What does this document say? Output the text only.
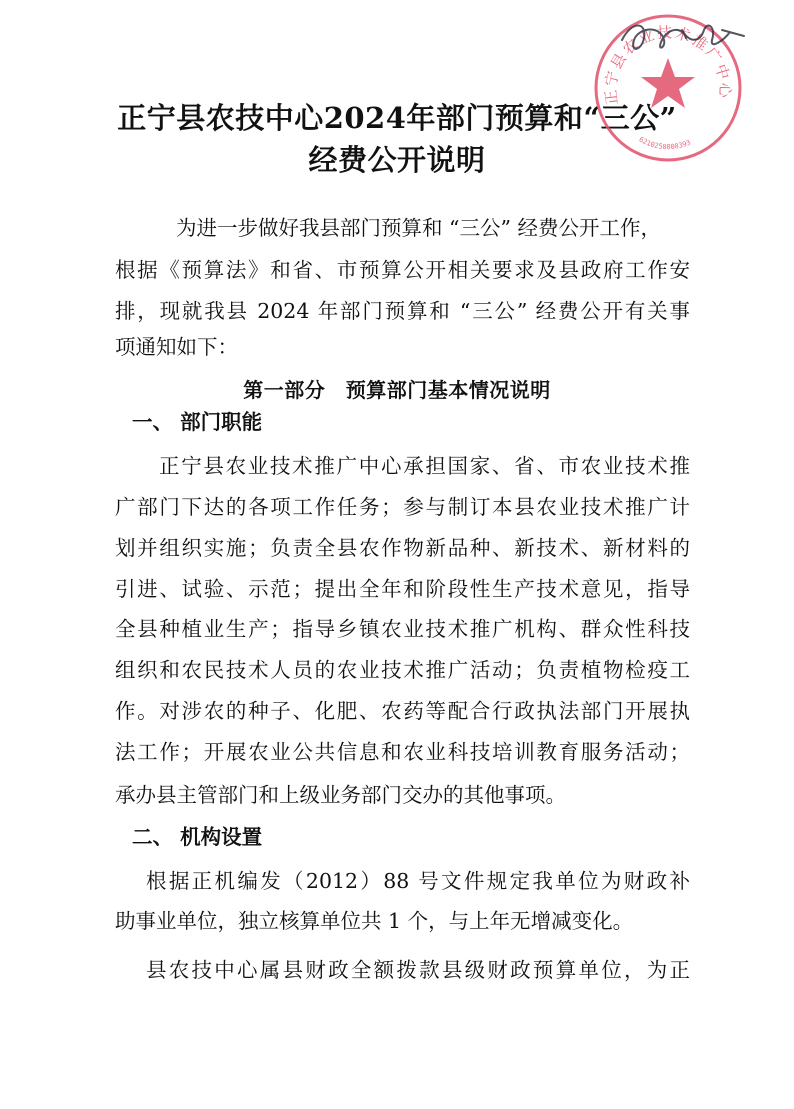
正宁县农技中心2024年部门预算和“三公”
经费公开说明
为进一步做好我县部门预算和 “三公” 经费公开工作，
根据《预算法》和省、市预算公开相关要求及县政府工作安
排，现就我县 2024 年部门预算和 “三公” 经费公开有关事
项通知如下：
第一部分　预算部门基本情况说明
一、 部门职能
正宁县农业技术推广中心承担国家、省、市农业技术推
广部门下达的各项工作任务；参与制订本县农业技术推广计
划并组织实施；负责全县农作物新品种、新技术、新材料的
引进、试验、示范；提出全年和阶段性生产技术意见，指导
全县种植业生产；指导乡镇农业技术推广机构、群众性科技
组织和农民技术人员的农业技术推广活动；负责植物检疫工
作。对涉农的种子、化肥、农药等配合行政执法部门开展执
法工作；开展农业公共信息和农业科技培训教育服务活动；
承办县主管部门和上级业务部门交办的其他事项。
二、 机构设置
根据正机编发（2012）88 号文件规定我单位为财政补
助事业单位，独立核算单位共 1 个，与上年无增减变化。
县农技中心属县财政全额拨款县级财政预算单位，为正
正宁县农业技术推广中心
6210250000393
